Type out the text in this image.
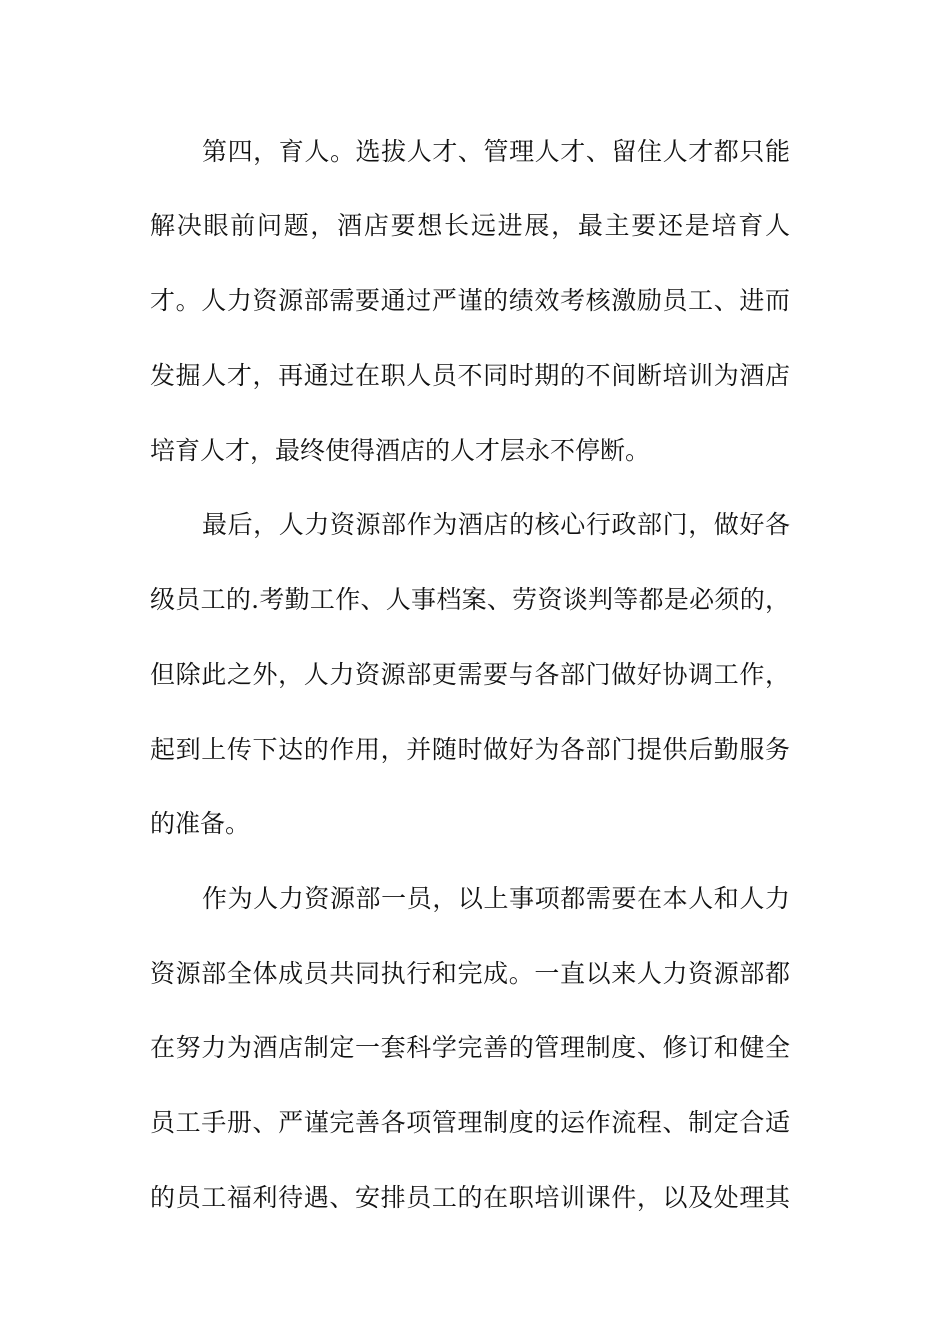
第四，育人。选拔人才、管理人才、留住人才都只能
解决眼前问题，酒店要想长远进展，最主要还是培育人
才。人力资源部需要通过严谨的绩效考核激励员工、进而
发掘人才，再通过在职人员不同时期的不间断培训为酒店
培育人才，最终使得酒店的人才层永不停断。
最后，人力资源部作为酒店的核心行政部门，做好各
级员工的.考勤工作、人事档案、劳资谈判等都是必须的，
但除此之外，人力资源部更需要与各部门做好协调工作，
起到上传下达的作用，并随时做好为各部门提供后勤服务
的准备。
作为人力资源部一员，以上事项都需要在本人和人力
资源部全体成员共同执行和完成。一直以来人力资源部都
在努力为酒店制定一套科学完善的管理制度、修订和健全
员工手册、严谨完善各项管理制度的运作流程、制定合适
的员工福利待遇、安排员工的在职培训课件，以及处理其
